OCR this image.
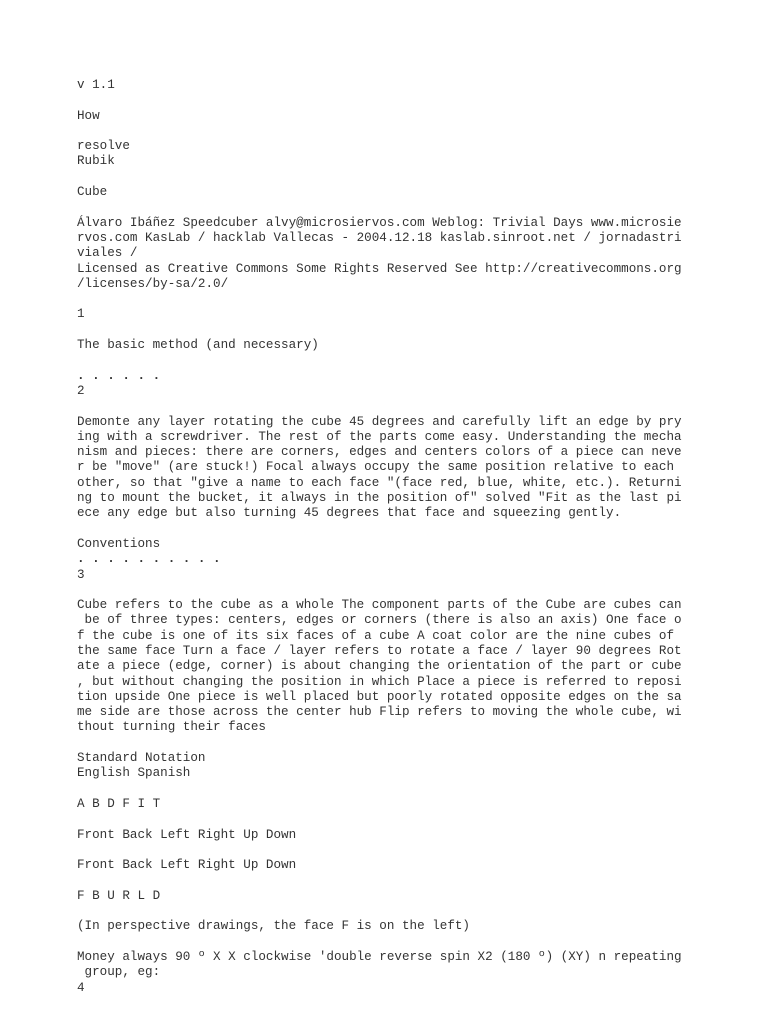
v 1.1
How
resolve
Rubik
Cube
Álvaro Ibáñez Speedcuber alvy@microsiervos.com Weblog: Trivial Days www.microsie
rvos.com KasLab / hacklab Vallecas - 2004.12.18 kaslab.sinroot.net / jornadastri
viales /
Licensed as Creative Commons Some Rights Reserved See http://creativecommons.org
/licenses/by-sa/2.0/
1
The basic method (and necessary)
. . . . . .
2
Demonte any layer rotating the cube 45 degrees and carefully lift an edge by pry
ing with a screwdriver. The rest of the parts come easy. Understanding the mecha
nism and pieces: there are corners, edges and centers colors of a piece can neve
r be "move" (are stuck!) Focal always occupy the same position relative to each
other, so that "give a name to each face "(face red, blue, white, etc.). Returni
ng to mount the bucket, it always in the position of" solved "Fit as the last pi
ece any edge but also turning 45 degrees that face and squeezing gently.
Conventions
. . . . . . . . . .
3
Cube refers to the cube as a whole The component parts of the Cube are cubes can
be of three types: centers, edges or corners (there is also an axis) One face o
f the cube is one of its six faces of a cube A coat color are the nine cubes of
the same face Turn a face / layer refers to rotate a face / layer 90 degrees Rot
ate a piece (edge, corner) is about changing the orientation of the part or cube
, but without changing the position in which Place a piece is referred to reposi
tion upside One piece is well placed but poorly rotated opposite edges on the sa
me side are those across the center hub Flip refers to moving the whole cube, wi
thout turning their faces
Standard Notation
English Spanish
A B D F I T
Front Back Left Right Up Down
Front Back Left Right Up Down
F B U R L D
(In perspective drawings, the face F is on the left)
Money always 90 º X X clockwise 'double reverse spin X2 (180 º) (XY) n repeating
group, eg:
4
